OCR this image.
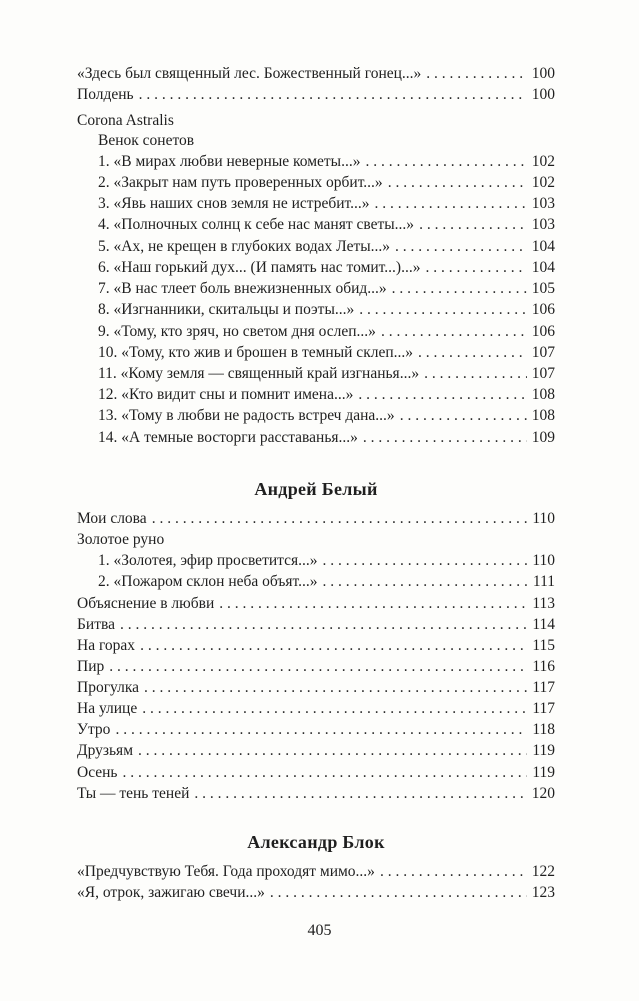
«Здесь был священный лес. Божественный гонец...» . . .	100
Полдень . . .	100
Corona Astralis
Венок сонетов
1. «В мирах любви неверные кометы...» . . .	102
2. «Закрыт нам путь проверенных орбит...» . . .	102
3. «Явь наших снов земля не истребит...» . . .	103
4. «Полночных солнц к себе нас манят светы...» . . .	103
5. «Ах, не крещен в глубоких водах Леты...» . . .	104
6. «Наш горький дух... (И память нас томит...)...» . . .	104
7. «В нас тлеет боль внежизненных обид...» . . .	105
8. «Изгнанники, скитальцы и поэты...» . . .	106
9. «Тому, кто зряч, но светом дня ослеп...» . . .	106
10. «Тому, кто жив и брошен в темный склеп...» . . .	107
11. «Кому земля — священный край изгнанья...» . . .	107
12. «Кто видит сны и помнит имена...» . . .	108
13. «Тому в любви не радость встреч дана...» . . .	108
14. «А темные восторги расставанья...» . . .	109
Андрей Белый
Мои слова . . .	110
Золотое руно
1. «Золотея, эфир просветится...» . . .	110
2. «Пожаром склон неба объят...» . . .	111
Объяснение в любви . . .	113
Битва . . .	114
На горах . . .	115
Пир . . .	116
Прогулка . . .	117
На улице . . .	117
Утро . . .	118
Друзьям . . .	119
Осень . . .	119
Ты — тень теней . . .	120
Александр Блок
«Предчувствую Тебя. Года проходят мимо...» . . .	122
«Я, отрок, зажигаю свечи...» . . .	123
405
